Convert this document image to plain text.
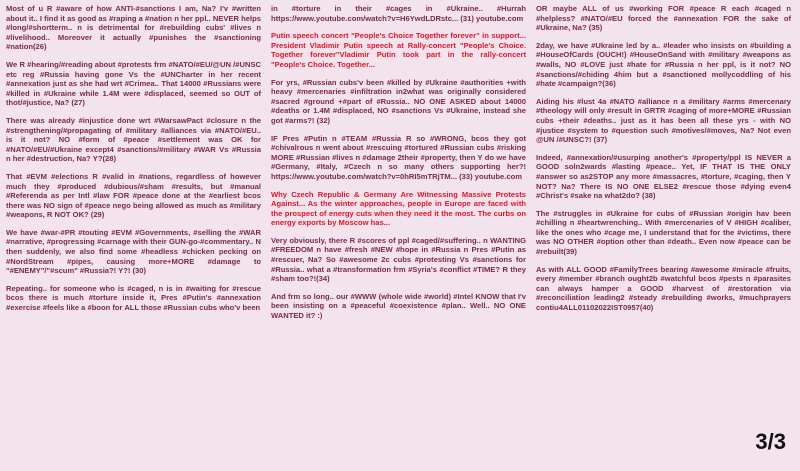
Most of u R #aware of how ANTI-#sanctions I am, Na? I'v #written about it.. I find it as good as #raping a #nation n her ppl.. NEVER helps #long/#shortterm.. n is detrimental for #rebuilding cubs' #lives n #livelihood.. Moreover it actually #punishes the #sanctioning #nation(26)

We R #hearing/#reading about #protests frm #NATO/#EU/@UN /#UNSC etc reg #Russia having gone Vs the #UNCharter in her recent #annexation just as she had wrt #Crimea.. That 14000 #Russians were #killed in #Ukraine while 1.4M were #displaced, seemed so OUT of thot/#justice, Na? (27)

There was already #injustice done wrt #WarsawPact #closure n the #strengthening/#propagating of #military #alliances via #NATO/#EU.. is it not? NO #form of #peace #settlement was OK for #NATO/#EU/#Ukraine except4 #sanctions/#military #WAR Vs #Russia n her #destruction, Na? Y?(28)

That #EVM #elections R #valid in #nations, regardless of however much they #produced #dubious/#sham #results, but #manual #Referenda as per Intl #law FOR #peace done at the #earliest bcos there was NO sign of #peace nego being allowed as much as #military #weapons, R NOT OK? (29)

We have #war-#PR #touting #EVM #Governments, #selling the #WAR #narrative, #progressing #carnage with their GUN-go-#commentary.. N then suddenly, we also find some #headless #chicken pecking on #NordStream #pipes, causing more+MORE #damage to "#ENEMY"/"#scum" #Russia?! Y?! (30)

Repeating.. for someone who is #caged, n is in #waiting for #rescue bcos there is much #torture inside it, Pres #Putin's #annexation #exercise #feels like a #boon for ALL those #Russian cubs who'v been

in #torture in their #cages in #Ukraine.. #Hurrah https://www.youtube.com/watch?v=H6YwdLDRstc... (31) youtube.com

Putin speech concert "People's Choice Together forever" in support... President Vladimir Putin speech at Rally-concert "People's Choice. Together forever"Vladimir Putin took part in the rally-concert "People's Choice. Together...

For yrs, #Russian cubs'v been #killed by #Ukraine #authorities +with heavy #mercenaries #infiltration in2what was originally considered #sacred #ground +#part of #Russia.. NO ONE ASKED about 14000 #deaths or 1.4M #displaced, NO #sanctions Vs #Ukraine, instead she got #arms?! (32)

IF Pres #Putin n #TEAM #Russia R so #WRONG, bcos they got #chivalrous n went about #rescuing #tortured #Russian cubs #risking MORE #Russian #lives n #damage 2their #property, then Y do we have #Germany, #Italy, #Czech n so many others supporting her?! https://www.youtube.com/watch?v=0hRI5mTRjTM... (33) youtube.com

Why Czech Republic & Germany Are Witnessing Massive Protests Against... As the winter approaches, people in Europe are faced with the prospect of energy cuts when they need it the most. The curbs on energy exports by Moscow has...

Very obviously, there R #scores of ppl #caged/#suffering.. n WANTING #FREEDOM n have #fresh #NEW #hope in #Russia n Pres #Putin as #rescuer, Na? So #awesome 2c cubs #protesting Vs #sanctions for #Russia.. what a #transformation frm #Syria's #conflict #TIME? R they #sham too?!(34)

And frm so long.. our #WWW (whole wide #world) #Intel KNOW that I'v been insisting on a #peaceful #coexistence #plan.. Well.. NO ONE WANTED it? :)

OR maybe ALL of us #working FOR #peace R each #caged n #helpless? #NATO/#EU forced the #annexation FOR the sake of #Ukraine, Na? (35)

2day, we have #Ukraine led by a.. #leader who insists on #building a #HouseOfCards (OUCH!) #HouseOnSand with #military #weapons as #walls, NO #LOVE just #hate for #Russia n her ppl, is it not? NO #sanctions/#chiding 4him but a #sanctioned mollycoddling of his #hate #campaign?(36)

Aiding his #lust 4a #NATO #alliance n a #military #arms #mercenary #theology will only #result in GRTR #caging of more+MORE #Russian cubs +their #deaths.. just as it has been all these yrs - with NO #justice #system to #question such #motives/#moves, Na? Not even @UN /#UNSC?! (37)

Indeed, #annexation/#usurping another's #property/ppl IS NEVER a GOOD soln2wards #lasting #peace.. Yet, IF THAT IS THE ONLY #answer so as2STOP any more #massacres, #torture, #caging, then Y NOT? Na? There IS NO ONE ELSE2 #rescue those #dying even4 #Christ's #sake na what2do? (38)

The #struggles in #Ukraine for cubs of #Russian #origin hav been #chilling n #heartwrenching.. With #mercenaries of V #HIGH #caliber, like the ones who #cage me, I understand that for the #victims, there was NO OTHER #option other than #death.. Even now #peace can be #rebuilt(39)

As with ALL GOOD #FamilyTrees bearing #awesome #miracle #fruits, every #member #branch ought2b #watchful bcos #pests n #parasites can always hamper a GOOD #harvest of #restoration via #reconciliation leading2 #steady #rebuilding #works, #muchprayers contiu4ALL01102022IST0957(40)

3/3
